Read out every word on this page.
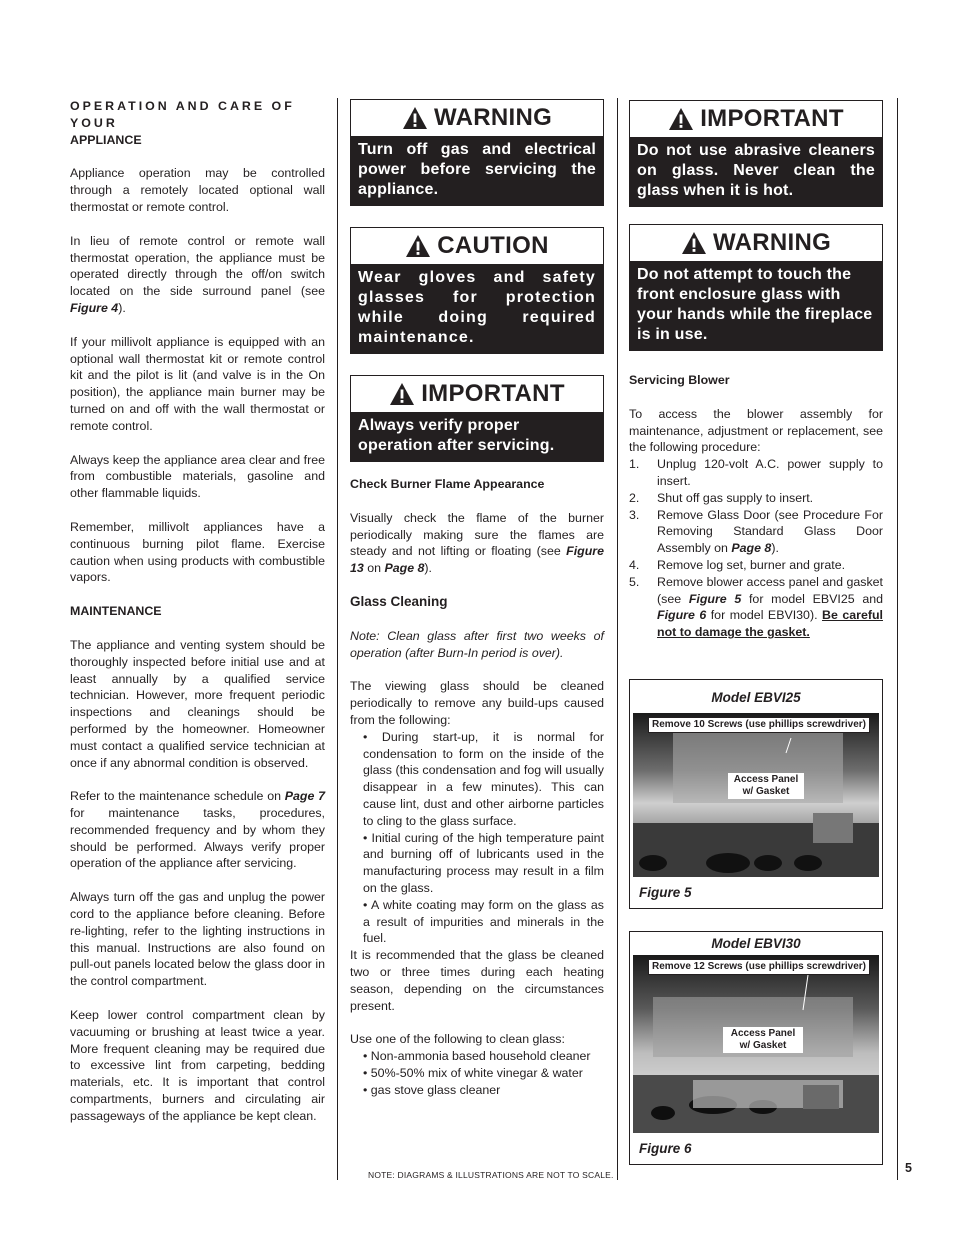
OPERATION AND CARE OF YOUR
APPLIANCE

Appliance operation may be controlled through a remotely located optional wall thermostat or remote control.

In lieu of remote control or remote wall thermostat operation, the appliance must be operated directly through the off/on switch located on the side surround panel (see Figure 4).

If your millivolt appliance is equipped with an optional wall thermostat kit or remote control kit and the pilot is lit (and valve is in the On position), the appliance main burner may be turned on and off with the wall thermostat or remote control.

Always keep the appliance area clear and free from combustible materials, gasoline and other flammable liquids.

Remember, millivolt appliances have a continuous burning pilot flame. Exercise caution when using products with combustible vapors.

MAINTENANCE

The appliance and venting system should be thoroughly inspected before initial use and at least annually by a qualified service technician. However, more frequent periodic inspections and cleanings should be performed by the homeowner. Homeowner must contact a qualified service technician at once if any abnormal condition is observed.

Refer to the maintenance schedule on Page 7 for maintenance tasks, procedures, recommended frequency and by whom they should be performed. Always verify proper operation of the appliance after servicing.

Always turn off the gas and unplug the power cord to the appliance before cleaning. Before re-lighting, refer to the lighting instructions in this manual. Instructions are also found on pull-out panels located below the glass door in the control compartment.

Keep lower control compartment clean by vacuuming or brushing at least twice a year. More frequent cleaning may be required due to excessive lint from carpeting, bedding materials, etc. It is important that control compartments, burners and circulating air passageways of the appliance be kept clean.

WARNING
Turn off gas and electrical power before servicing the appliance.
CAUTION
Wear gloves and safety glasses for protection while doing required maintenance.
IMPORTANT
Always verify proper operation after servicing.
Check Burner Flame Appearance

Visually check the flame of the burner periodically making sure the flames are steady and not lifting or floating (see Figure 13 on Page 8).

Glass Cleaning

Note: Clean glass after first two weeks of operation (after Burn-In period is over).

The viewing glass should be cleaned periodically to remove any build-ups caused from the following:

• During start-up, it is normal for condensation to form on the inside of the glass (this condensation and fog will usually disappear in a few minutes). This can cause lint, dust and other airborne particles to cling to the glass surface.
• Initial curing of the high temperature paint and burning off of lubricants used in the manufacturing process may result in a film on the glass.
• A white coating may form on the glass as a result of impurities and minerals in the fuel.

It is recommended that the glass be cleaned two or three times during each heating season, depending on the circumstances present.

Use one of the following to clean glass:

• Non-ammonia based household cleaner
• 50%-50% mix of white vinegar & water
• gas stove glass cleaner
IMPORTANT
Do not use abrasive cleaners on glass. Never clean the glass when it is hot.
WARNING
Do not attempt to touch the front enclosure glass with your hands while the fireplace is in use.
Servicing Blower

To access the blower assembly for maintenance, adjustment or replacement, see the following procedure:

1.	Unplug 120-volt A.C. power supply to insert.
2.	Shut off gas supply to insert.
3.	Remove Glass Door (see Procedure For Removing Standard Glass Door Assembly on Page 8).
4.	Remove log set, burner and grate.
5.	Remove blower access panel and gasket (see Figure 5 for model EBVI25 and Figure 6 for model EBVI30). Be careful not to damage the gasket.
Model EBVI25
Remove 10 Screws (use phillips screwdriver)
Access Panel
w/ Gasket
Figure 5
Model EBVI30
Remove 12 Screws (use phillips screwdriver)
Access Panel
w/ Gasket
Figure 6
NOTE: DIAGRAMS & ILLUSTRATIONS ARE NOT TO SCALE.	5
